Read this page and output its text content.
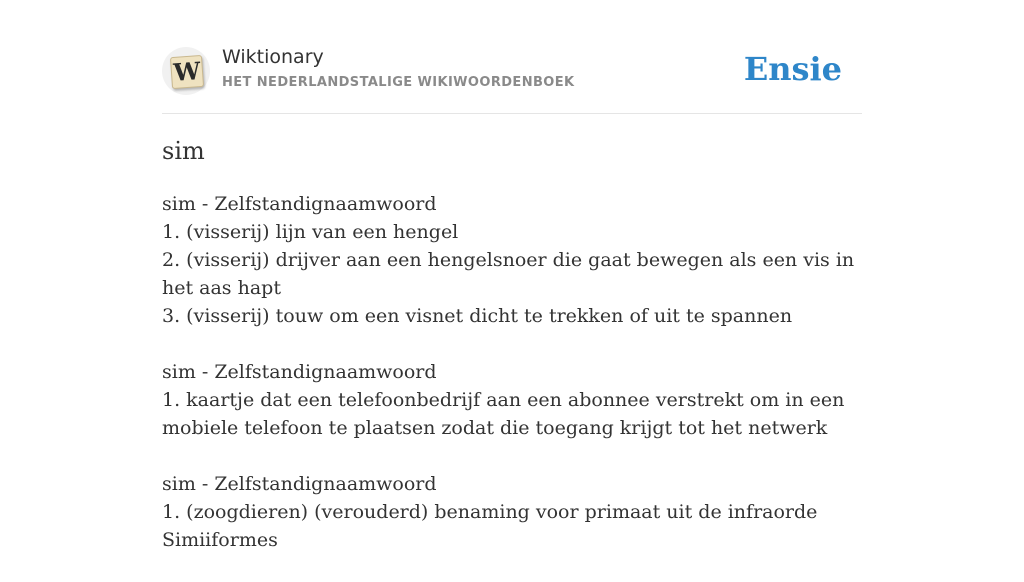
W Wiktionary
HET NEDERLANDSTALIGE WIKIWOORDENBOEK	Ensie
sim
sim - Zelfstandignaamwoord
1. (visserij) lijn van een hengel
2. (visserij) drijver aan een hengelsnoer die gaat bewegen als een vis in het aas hapt
3. (visserij) touw om een visnet dicht te trekken of uit te spannen
sim - Zelfstandignaamwoord
1. kaartje dat een telefoonbedrijf aan een abonnee verstrekt om in een mobiele telefoon te plaatsen zodat die toegang krijgt tot het netwerk
sim - Zelfstandignaamwoord
1. (zoogdieren) (verouderd) benaming voor primaat uit de infraorde Simiiformes
